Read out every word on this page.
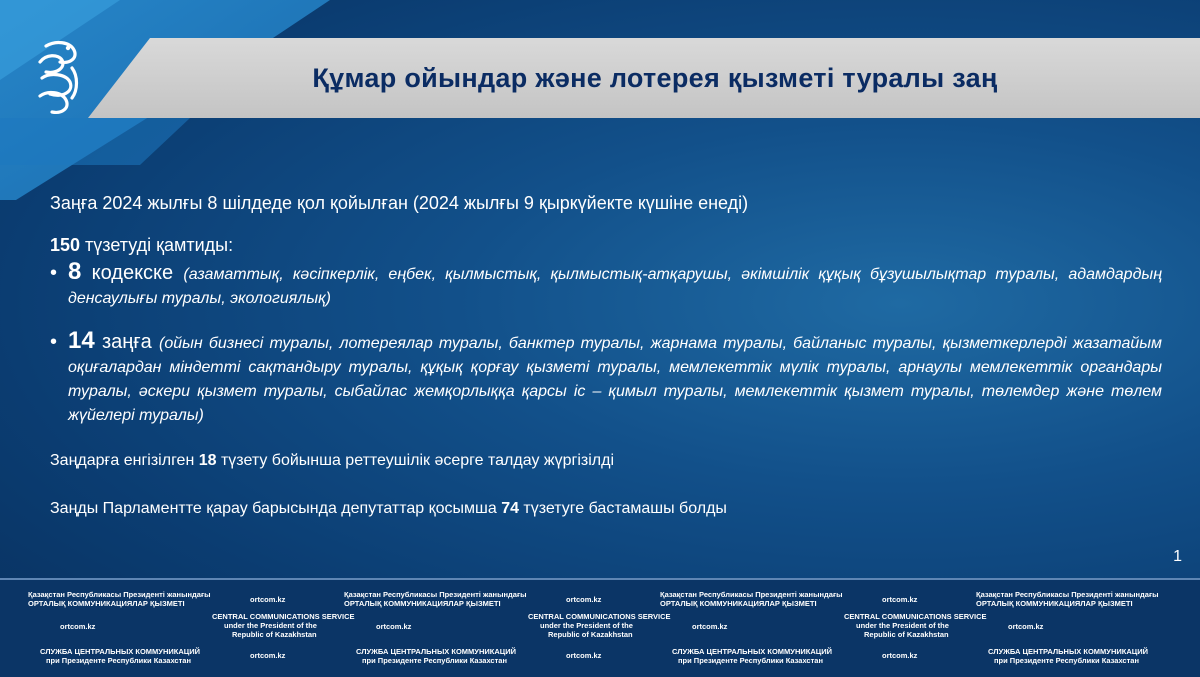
Құмар ойындар және лотерея қызметі туралы заң

Заңға 2024 жылғы 8 шілдеде қол қойылған (2024 жылғы 9 қыркүйекте күшіне енеді)

150 түзетуді қамтиды:

• 8 кодекске (азаматтық, кәсіпкерлік, еңбек, қылмыстық, қылмыстық-атқарушы, әкімшілік құқық бұзушылықтар туралы, адамдардың денсаулығы туралы, экологиялық)
• 14 заңға (ойын бизнесі туралы, лотереялар туралы, банктер туралы, жарнама туралы, байланыс туралы, қызметкерлерді жазатайым оқиғалардан міндетті сақтандыру туралы, құқық қорғау қызметі туралы, мемлекеттік мүлік туралы, арнаулы мемлекеттік органдары туралы, әскери қызмет туралы, сыбайлас жемқорлыққа қарсы іс – қимыл туралы, мемлекеттік қызмет туралы, төлемдер және төлем жүйелері туралы)

Заңдарға енгізілген 18 түзету бойынша реттеушілік әсерге талдау жүргізілді

Заңды Парламентте қарау барысында депутаттар қосымша 74 түзетуге бастамашы болды

1
Қазақстан Республикасы Президенті жанындағы
ОРТАЛЫҚ КОММУНИКАЦИЯЛАР ҚЫЗМЕТІ	ortcom.kz
ortcom.kz
CENTRAL COMMUNICATIONS SERVICE
under the President of the
Republic of Kazakhstan
СЛУЖБА ЦЕНТРАЛЬНЫХ КОММУНИКАЦИЙ
при Президенте Республики Казахстан
ortcom.kz
Қазақстан Республикасы Президенті жанындағы
ОРТАЛЫҚ КОММУНИКАЦИЯЛАР ҚЫЗМЕТІ	ortcom.kz
ortcom.kz
CENTRAL COMMUNICATIONS SERVICE
under the President of the
Republic of Kazakhstan
СЛУЖБА ЦЕНТРАЛЬНЫХ КОММУНИКАЦИЙ
при Президенте Республики Казахстан
ortcom.kz
Қазақстан Республикасы Президенті жанындағы
ОРТАЛЫҚ КОММУНИКАЦИЯЛАР ҚЫЗМЕТІ	ortcom.kz
ortcom.kz
CENTRAL COMMUNICATIONS SERVICE
under the President of the
Republic of Kazakhstan
СЛУЖБА ЦЕНТРАЛЬНЫХ КОММУНИКАЦИЙ
при Президенте Республики Казахстан
ortcom.kz
Қазақстан Республикасы Президенті жанындағы
ОРТАЛЫҚ КОММУНИКАЦИЯЛАР ҚЫЗМЕТІ
ortcom.kz
СЛУЖБА ЦЕНТРАЛЬНЫХ КОММУНИКАЦИЙ
при Президенте Республики Казахстан
